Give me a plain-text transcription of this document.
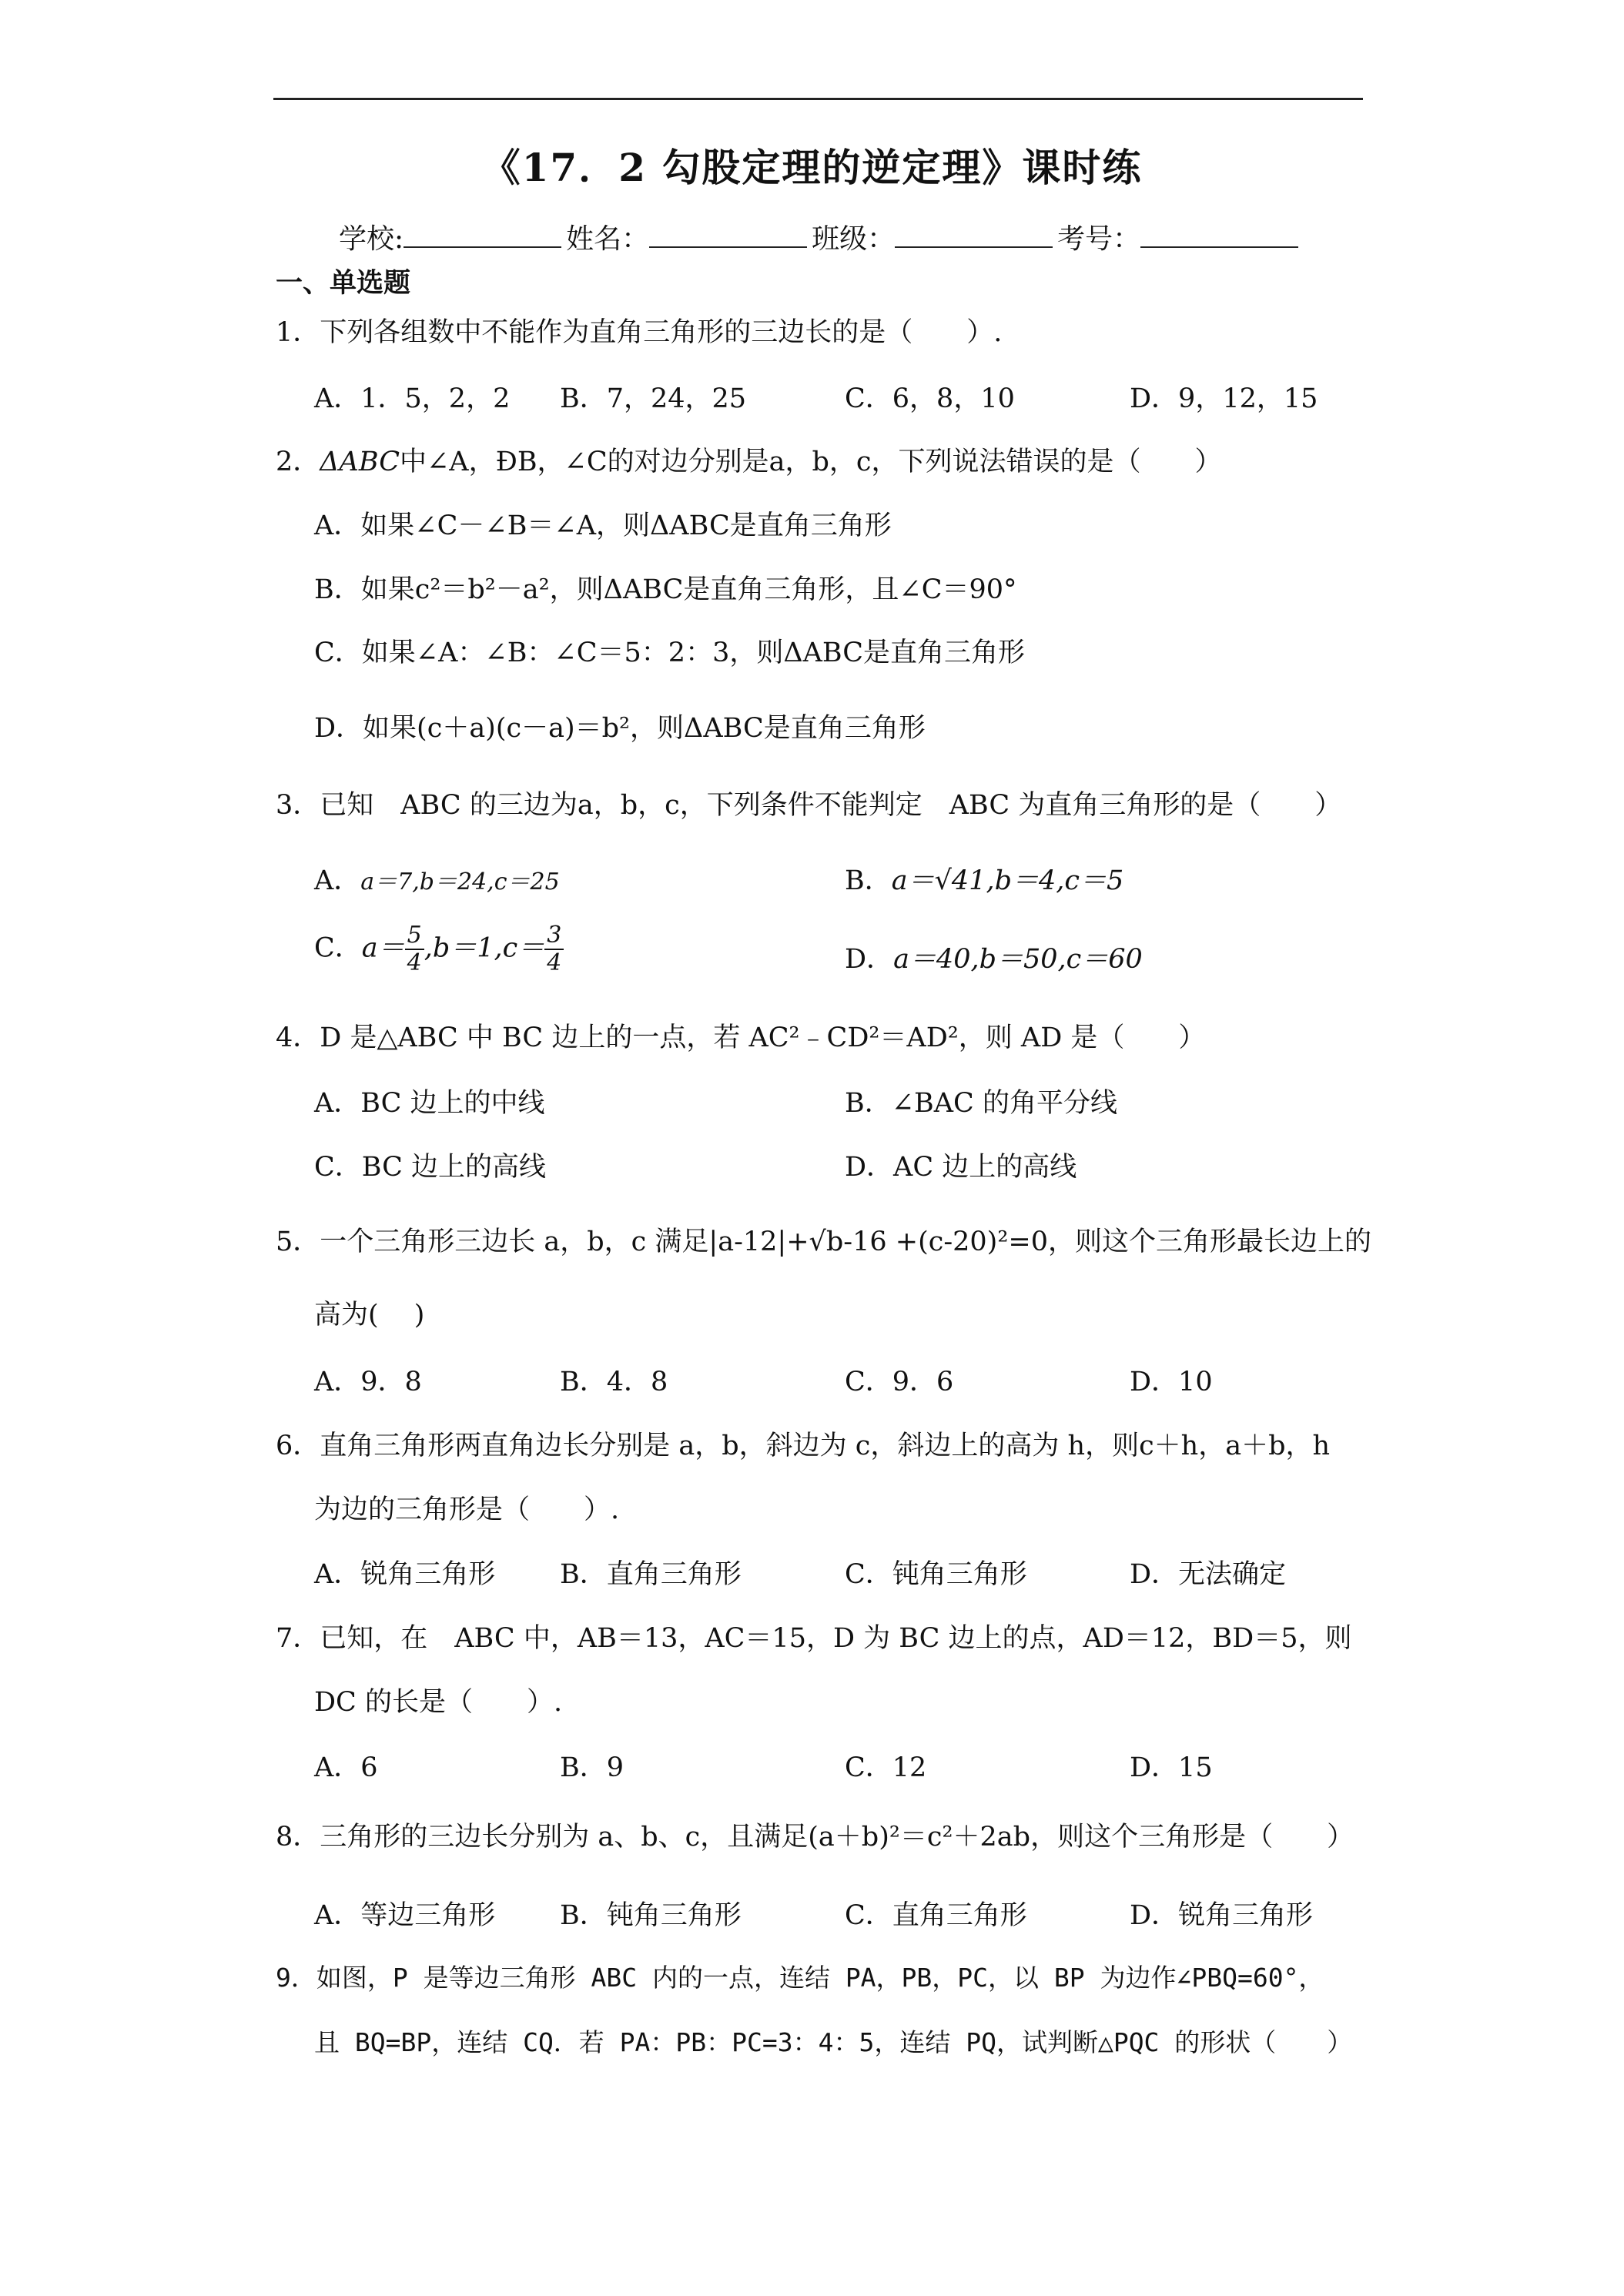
《17．2 勾股定理的逆定理》课时练
学校:	姓名：	班级：	考号：
一、单选题
1．下列各组数中不能作为直角三角形的三边长的是（　　）.
A．1．5，2，2 B．7，24，25	C．6，8，10	D．9，12，15
2．ΔABC中∠A，ÐB，∠C的对边分别是a，b，c，下列说法错误的是（　　）
A．如果∠C－∠B＝∠A，则ΔABC是直角三角形
B．如果c²＝b²－a²，则ΔABC是直角三角形，且∠C＝90°
C．如果∠A：∠B：∠C＝5：2：3，则ΔABC是直角三角形
D．如果(c＋a)(c－a)＝b²，则ΔABC是直角三角形
3．已知　ABC 的三边为a，b，c，下列条件不能判定　ABC 为直角三角形的是（　　）
A．a＝7,b＝24,c＝25	B．a＝√41,b＝4,c＝5
C．$a= \frac{5}{4} ,b=1,c= \frac{3}{4}$	D．a＝40,b＝50,c＝60
4．D 是△ABC 中 BC 边上的一点，若 AC²﹣CD²＝AD²，则 AD 是（　　）
A．BC 边上的中线	B．∠BAC 的角平分线
C．BC 边上的高线	D．AC 边上的高线
5．一个三角形三边长 a，b，c 满足|a-12|+√b-16 +(c-20)²=0，则这个三角形最长边上的
高为(　 )
A．9．8	B．4．8	C．9．6	D．10
6．直角三角形两直角边长分别是 a，b，斜边为 c，斜边上的高为 h，则c＋h，a＋b，h
为边的三角形是（　　）.
A．锐角三角形 B．直角三角形	C．钝角三角形	D．无法确定
7．已知，在　ABC 中，AB＝13，AC＝15，D 为 BC 边上的点，AD＝12，BD＝5，则
DC 的长是（　　）.
A．6	B．9	C．12	D．15
8．三角形的三边长分别为 a、b、c，且满足(a＋b)²＝c²＋2ab，则这个三角形是（　　）
A．等边三角形 B．钝角三角形	C．直角三角形	D．锐角三角形
9．如图，P 是等边三角形 ABC 内的一点，连结 PA，PB，PC，以 BP 为边作∠PBQ=60°，
且 BQ=BP，连结 CQ．若 PA：PB：PC=3：4：5，连结 PQ，试判断△PQC 的形状（　　）
